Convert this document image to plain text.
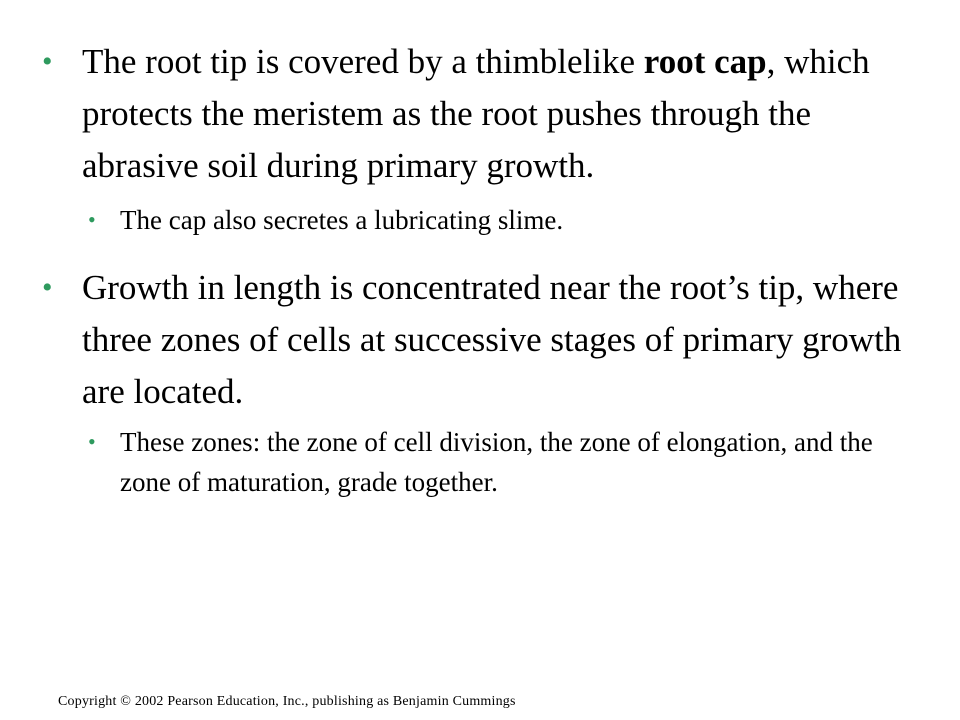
• The root tip is covered by a thimblelike root cap, which protects the meristem as the root pushes through the abrasive soil during primary growth.
• The cap also secretes a lubricating slime.
• Growth in length is concentrated near the root’s tip, where three zones of cells at successive stages of primary growth are located.
• These zones: the zone of cell division, the zone of elongation, and the zone of maturation, grade together.
Copyright © 2002 Pearson Education, Inc., publishing as Benjamin Cummings
